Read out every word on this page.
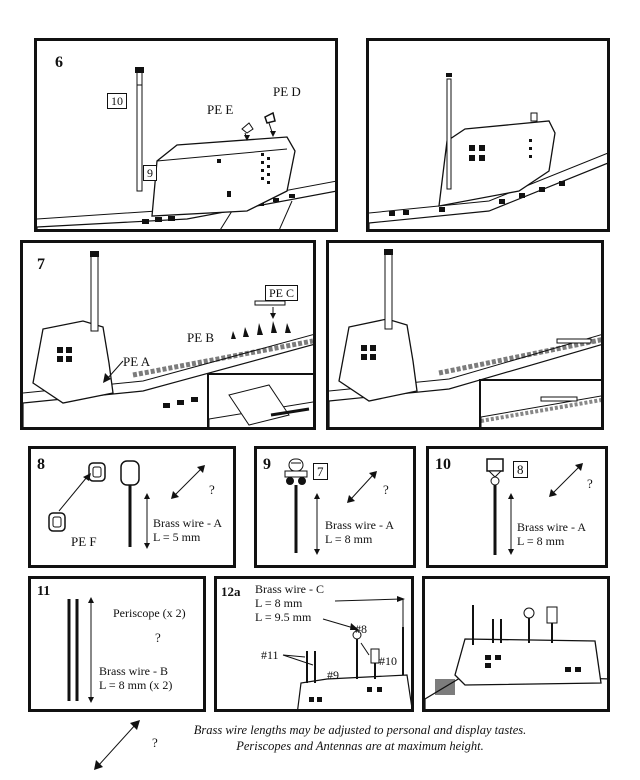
6
10
9
PE E
PE D
7
PE C
PE B
PE A
8
PE F
Brass wire - A
L = 5 mm
?
9	7
Brass wire - A
L = 8 mm
?
10	8
Brass wire - A
L = 8 mm
?
11
Periscope (x 2)
?
Brass wire - B
L = 8 mm (x 2)
12a Brass wire - C
L = 8 mm
L = 9.5 mm
#8
#11
#9
#10
?
Brass wire lengths may be adjusted to personal and display tastes.
Periscopes and Antennas are at maximum height.
